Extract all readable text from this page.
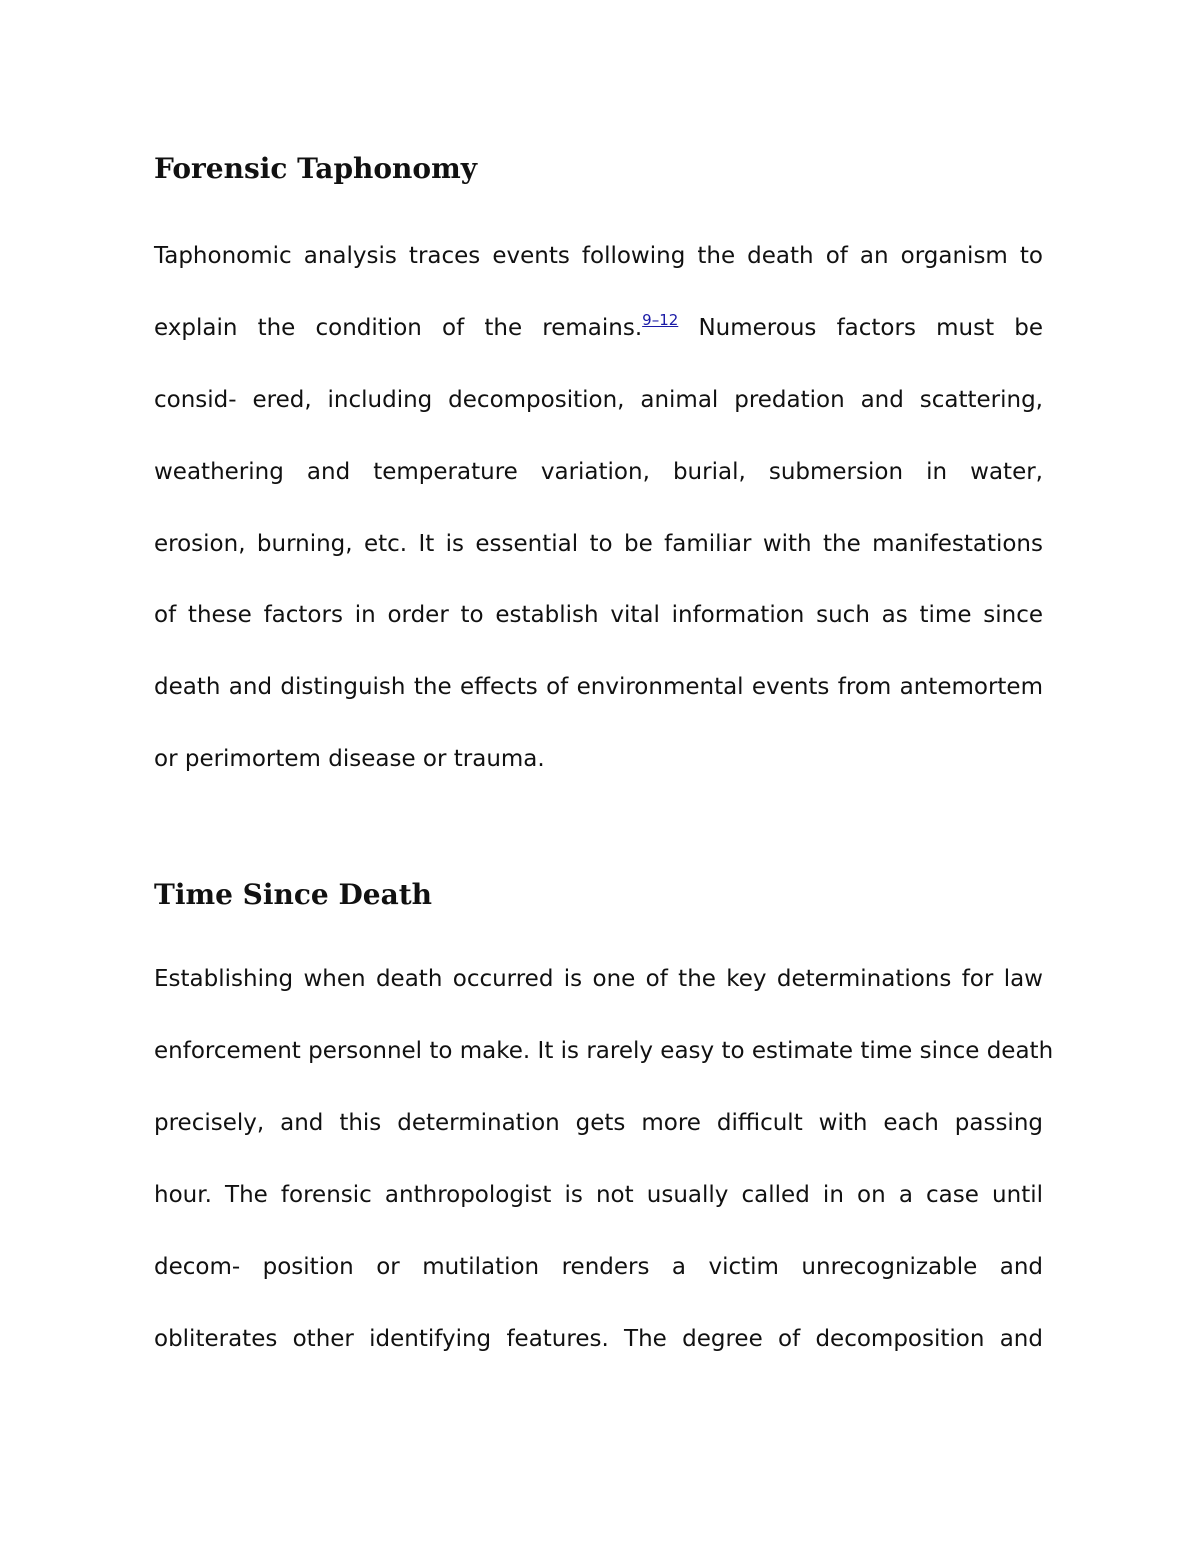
Forensic Taphonomy
Taphonomic analysis traces events following the death of an organism to
explain the condition of the remains.$^{9-12}$ Numerous factors must be
consid- ered, including decomposition, animal predation and scattering,
weathering and temperature variation, burial, submersion in water,
erosion, burning, etc. It is essential to be familiar with the manifestations
of these factors in order to establish vital information such as time since
death and distinguish the effects of environmental events from antemortem
or perimortem disease or trauma.
Time Since Death
Establishing when death occurred is one of the key determinations for law
enforcement personnel to make. It is rarely easy to estimate time since death
precisely, and this determination gets more difficult with each passing
hour. The forensic anthropologist is not usually called in on a case until
decom- position or mutilation renders a victim unrecognizable and
obliterates other identifying features. The degree of decomposition and
